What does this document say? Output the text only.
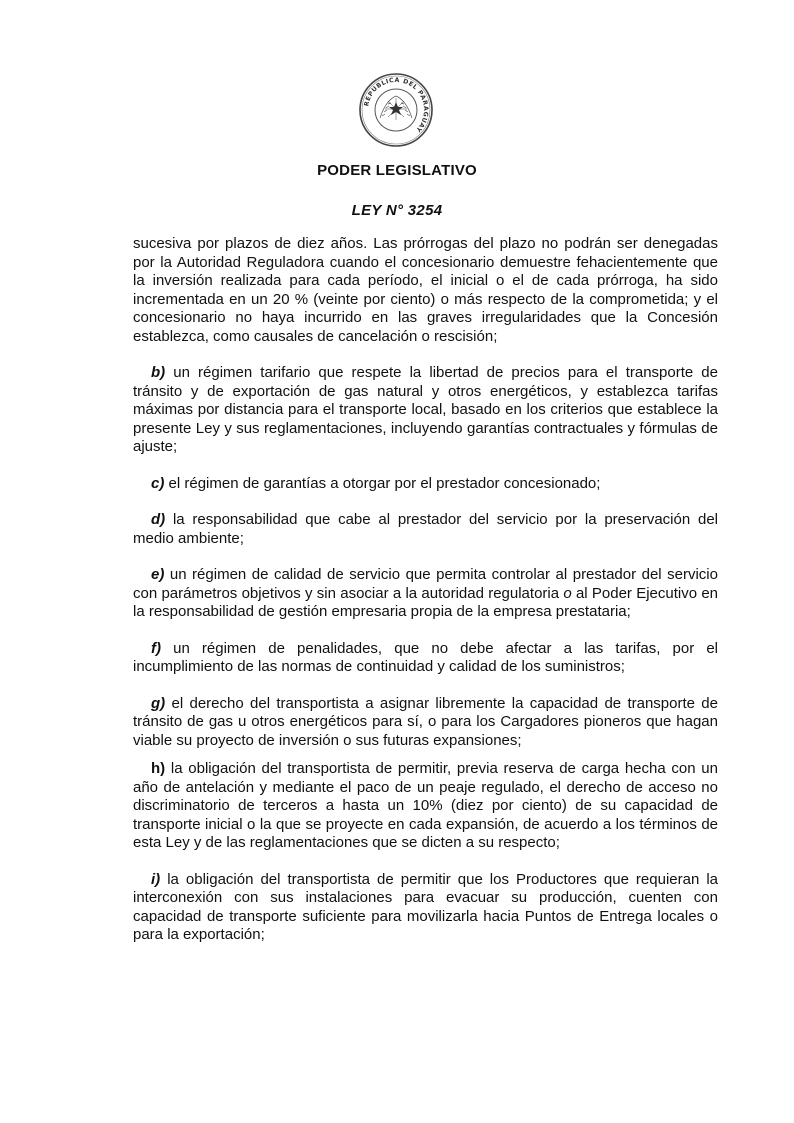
REPUBLICA DEL PARAGUAY
PODER LEGISLATIVO
LEY N° 3254

sucesiva por plazos de diez años. Las prórrogas del plazo no podrán ser denegadas por la Autoridad Reguladora cuando el concesionario demuestre fehacientemente que la inversión realizada para cada período, el inicial o el de cada prórroga, ha sido incrementada en un 20 % (veinte por ciento) o más respecto de la comprometida; y el concesionario no haya incurrido en las graves irregularidades que la Concesión establezca, como causales de cancelación o rescisión;

b) un régimen tarifario que respete la libertad de precios para el transporte de tránsito y de exportación de gas natural y otros energéticos, y establezca tarifas máximas por distancia para el transporte local, basado en los criterios que establece la presente Ley y sus reglamentaciones, incluyendo garantías contractuales y fórmulas de ajuste;

c) el régimen de garantías a otorgar por el prestador concesionado;

d) la responsabilidad que cabe al prestador del servicio por la preservación del medio ambiente;

e) un régimen de calidad de servicio que permita controlar al prestador del servicio con parámetros objetivos y sin asociar a la autoridad regulatoria o al Poder Ejecutivo en la responsabilidad de gestión empresaria propia de la empresa prestataria;

f) un régimen de penalidades, que no debe afectar a las tarifas, por el incumplimiento de las normas de continuidad y calidad de los suministros;

g) el derecho del transportista a asignar libremente la capacidad de transporte de tránsito de gas u otros energéticos para sí, o para los Cargadores pioneros que hagan viable su proyecto de inversión o sus futuras expansiones;

h) la obligación del transportista de permitir, previa reserva de carga hecha con un año de antelación y mediante el paco de un peaje regulado, el derecho de acceso no discriminatorio de terceros a hasta un 10% (diez por ciento) de su capacidad de transporte inicial o la que se proyecte en cada expansión, de acuerdo a los términos de esta Ley y de las reglamentaciones que se dicten a su respecto;

i) la obligación del transportista de permitir que los Productores que requieran la interconexión con sus instalaciones para evacuar su producción, cuenten con capacidad de transporte suficiente para movilizarla hacia Puntos de Entrega locales o para la exportación;
